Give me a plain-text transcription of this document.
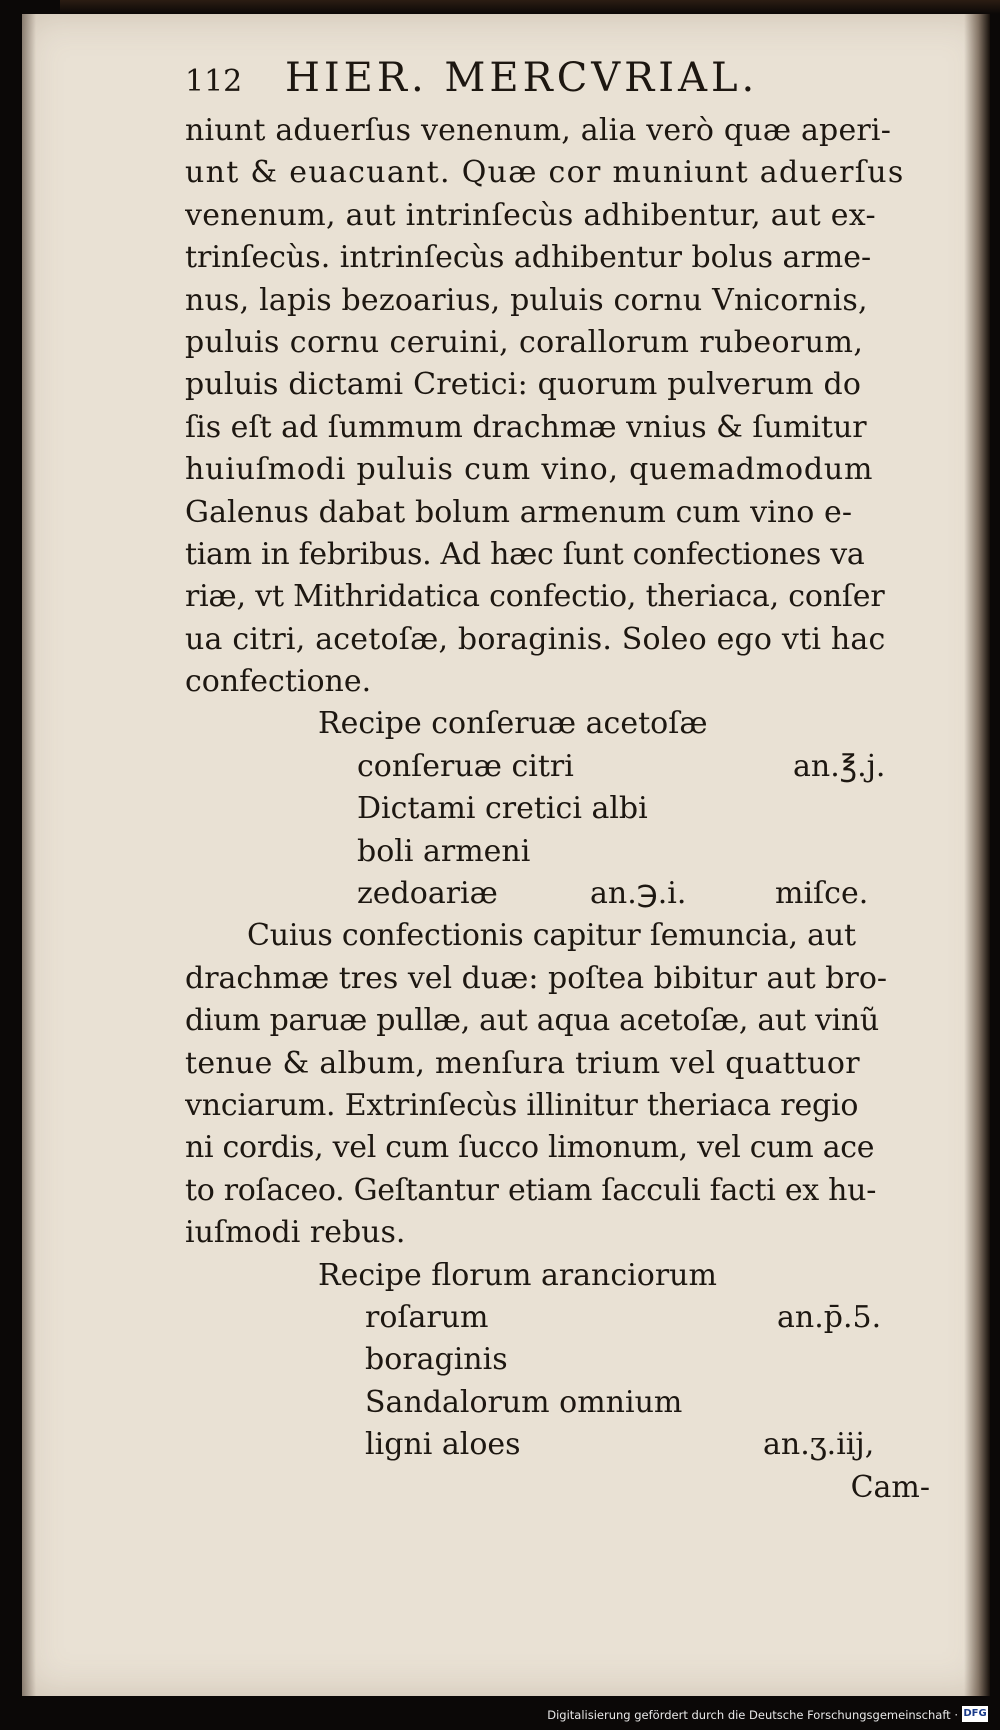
112 HIER. MERCVRIAL.
niunt aduerſus venenum, alia verò quæ aperi-
unt & euacuant. Quæ cor muniunt aduerſus
venenum, aut intrinſecùs adhibentur, aut ex-
trinſecùs. intrinſecùs adhibentur bolus arme-
nus, lapis bezoarius, puluis cornu Vnicornis,
puluis cornu ceruini, corallorum rubeorum,
puluis dictami Cretici: quorum pulverum do
ſis eſt ad ſummum drachmæ vnius & ſumitur
huiuſmodi puluis cum vino, quemadmodum
Galenus dabat bolum armenum cum vino e-
tiam in febribus. Ad hæc ſunt confectiones va
riæ, vt Mithridatica confectio, theriaca, conſer
ua citri, acetoſæ, boraginis. Soleo ego vti hac
confectione.
Recipe conſeruæ acetoſæ
conſeruæ citri	an.℥.j.
Dictami cretici albi
boli armeni
zedoariæ	an.℈.i.	miſce.
Cuius confectionis capitur ſemuncia, aut
drachmæ tres vel duæ: poſtea bibitur aut bro-
dium paruæ pullæ, aut aqua acetoſæ, aut vinũ
tenue & album, menſura trium vel quattuor
vnciarum. Extrinſecùs illinitur theriaca regio
ni cordis, vel cum ſucco limonum, vel cum ace
to roſaceo. Geſtantur etiam ſacculi facti ex hu-
iuſmodi rebus.
Recipe florum aranciorum
roſarum	an.p̄.5.
boraginis
Sandalorum omnium
ligni aloes	an.ʒ.iij,
Cam-
Digitalisierung gefördert durch die Deutsche Forschungsgemeinschaft · DFG
